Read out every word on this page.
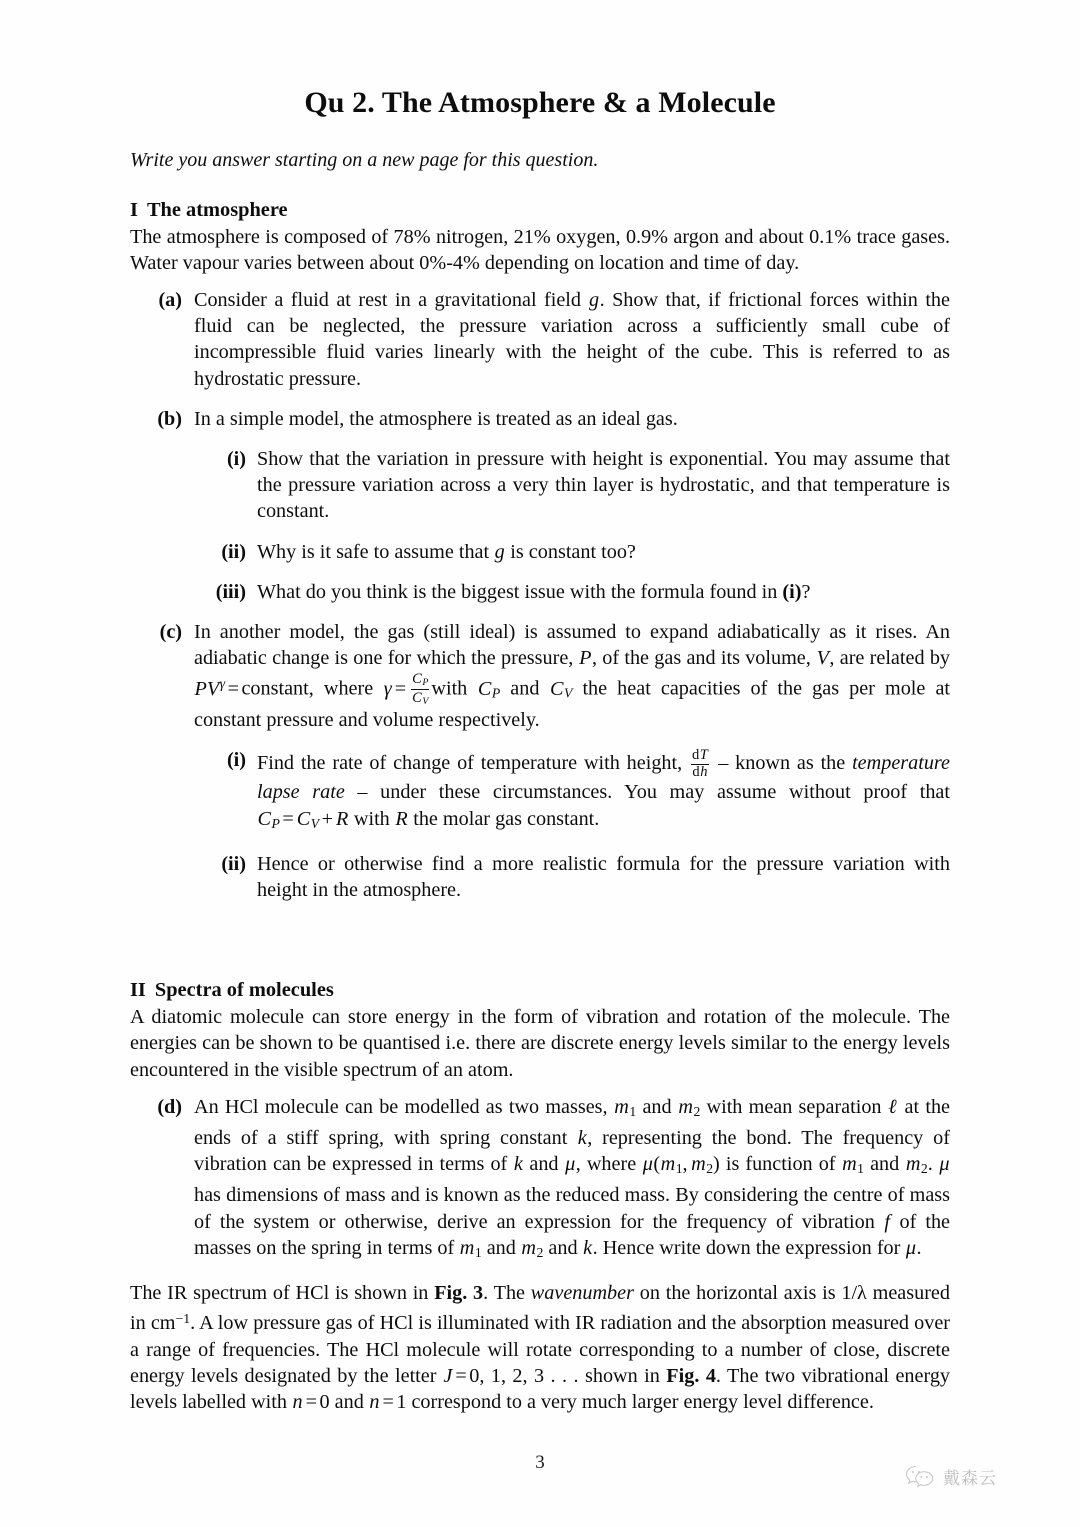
Qu 2. The Atmosphere & a Molecule

Write you answer starting on a new page for this question.

I The atmosphere

The atmosphere is composed of 78% nitrogen, 21% oxygen, 0.9% argon and about 0.1% trace gases. Water vapour varies between about 0%-4% depending on location and time of day.

(a) Consider a fluid at rest in a gravitational field g. Show that, if frictional forces within the fluid can be neglected, the pressure variation across a sufficiently small cube of incompressible fluid varies linearly with the height of the cube. This is referred to as hydrostatic pressure.
(b) In a simple model, the atmosphere is treated as an ideal gas.
(i) Show that the variation in pressure with height is exponential. You may assume that the pressure variation across a very thin layer is hydrostatic, and that temperature is constant.
(ii) Why is it safe to assume that g is constant too?
(iii) What do you think is the biggest issue with the formula found in (i)?
(c) In another model, the gas (still ideal) is assumed to expand adiabatically as it rises. An adiabatic change is one for which the pressure, P, of the gas and its volume, V, are related by $PV^\gamma$ = constant, where $\gamma = \frac{C_P}{C_V}$ with $C_P$ and $C_V$ the heat capacities of the gas per mole at constant pressure and volume respectively.
(i) Find the rate of change of temperature with height, $\frac{dT}{dh}$ – known as the temperature lapse rate – under these circumstances. You may assume without proof that $C_P = C_V + R$ with R the molar gas constant.
(ii) Hence or otherwise find a more realistic formula for the pressure variation with height in the atmosphere.
II Spectra of molecules

A diatomic molecule can store energy in the form of vibration and rotation of the molecule. The energies can be shown to be quantised i.e. there are discrete energy levels similar to the energy levels encountered in the visible spectrum of an atom.

(d) An HCl molecule can be modelled as two masses, $m_1$ and $m_2$ with mean separation ℓ at the ends of a stiff spring, with spring constant k, representing the bond. The frequency of vibration can be expressed in terms of k and μ, where $\mu(m_1$, $m_2$) is function of $m_1$ and $m_2$. μ has dimensions of mass and is known as the reduced mass. By considering the centre of mass of the system or otherwise, derive an expression for the frequency of vibration f of the masses on the spring in terms of $m_1$ and $m_2$ and k. Hence write down the expression for μ.

The IR spectrum of HCl is shown in Fig. 3. The wavenumber on the horizontal axis is 1/λ measured in $cm^{-1}$. A low pressure gas of HCl is illuminated with IR radiation and the absorption measured over a range of frequencies. The HCl molecule will rotate corresponding to a number of close, discrete energy levels designated by the letter J = 0, 1, 2, 3 . . . shown in Fig. 4. The two vibrational energy levels labelled with n = 0 and n = 1 correspond to a very much larger energy level difference.

3
戴森云
